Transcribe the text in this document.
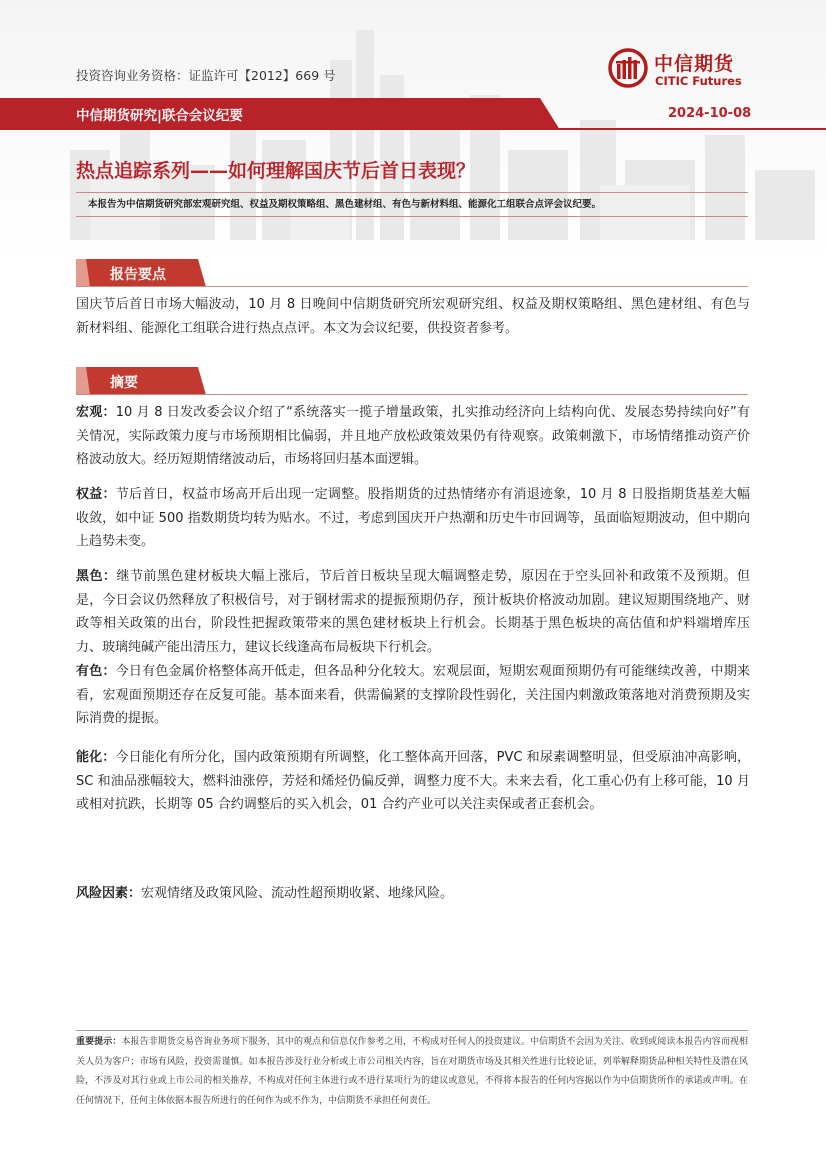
投资咨询业务资格：证监许可【2012】669 号
中信期货
CITIC Futures
中信期货研究|联合会议纪要	2024-10-08
热点追踪系列——如何理解国庆节后首日表现？
本报告为中信期货研究部宏观研究组、权益及期权策略组、黑色建材组、有色与新材料组、能源化工组联合点评会议纪要。
报告要点
国庆节后首日市场大幅波动，10 月 8 日晚间中信期货研究所宏观研究组、权益及期权策略组、黑色建材组、有色与新材料组、能源化工组联合进行热点点评。本文为会议纪要，供投资者参考。
摘要
宏观：10 月 8 日发改委会议介绍了“系统落实一揽子增量政策，扎实推动经济向上结构向优、发展态势持续向好”有关情况，实际政策力度与市场预期相比偏弱，并且地产放松政策效果仍有待观察。政策刺激下，市场情绪推动资产价格波动放大。经历短期情绪波动后，市场将回归基本面逻辑。
权益：节后首日，权益市场高开后出现一定调整。股指期货的过热情绪亦有消退迹象，10 月 8 日股指期货基差大幅收敛，如中证 500 指数期货均转为贴水。不过，考虑到国庆开户热潮和历史牛市回调等，虽面临短期波动，但中期向上趋势未变。
黑色：继节前黑色建材板块大幅上涨后，节后首日板块呈现大幅调整走势，原因在于空头回补和政策不及预期。但是，今日会议仍然释放了积极信号，对于钢材需求的提振预期仍存，预计板块价格波动加剧。建议短期围绕地产、财政等相关政策的出台，阶段性把握政策带来的黑色建材板块上行机会。长期基于黑色板块的高估值和炉料端增库压力、玻璃纯碱产能出清压力，建议长线逢高布局板块下行机会。
有色：今日有色金属价格整体高开低走，但各品种分化较大。宏观层面，短期宏观面预期仍有可能继续改善，中期来看，宏观面预期还存在反复可能。基本面来看，供需偏紧的支撑阶段性弱化，关注国内刺激政策落地对消费预期及实际消费的提振。
能化：今日能化有所分化，国内政策预期有所调整，化工整体高开回落，PVC 和尿素调整明显，但受原油冲高影响，SC 和油品涨幅较大，燃料油涨停，芳烃和烯烃仍偏反弹，调整力度不大。未来去看，化工重心仍有上移可能，10 月或相对抗跌，长期等 05 合约调整后的买入机会，01 合约产业可以关注卖保或者正套机会。
风险因素：宏观情绪及政策风险、流动性超预期收紧、地缘风险。
重要提示：本报告非期货交易咨询业务项下服务，其中的观点和信息仅作参考之用，不构成对任何人的投资建议。中信期货不会因为关注、收到或阅读本报告内容而视相关人员为客户；市场有风险，投资需谨慎。如本报告涉及行业分析或上市公司相关内容，旨在对期货市场及其相关性进行比较论证，列举解释期货品种相关特性及潜在风险，不涉及对其行业或上市公司的相关推荐，不构成对任何主体进行或不进行某项行为的建议或意见，不得将本报告的任何内容据以作为中信期货所作的承诺或声明。在任何情况下，任何主体依据本报告所进行的任何作为或不作为，中信期货不承担任何责任。
